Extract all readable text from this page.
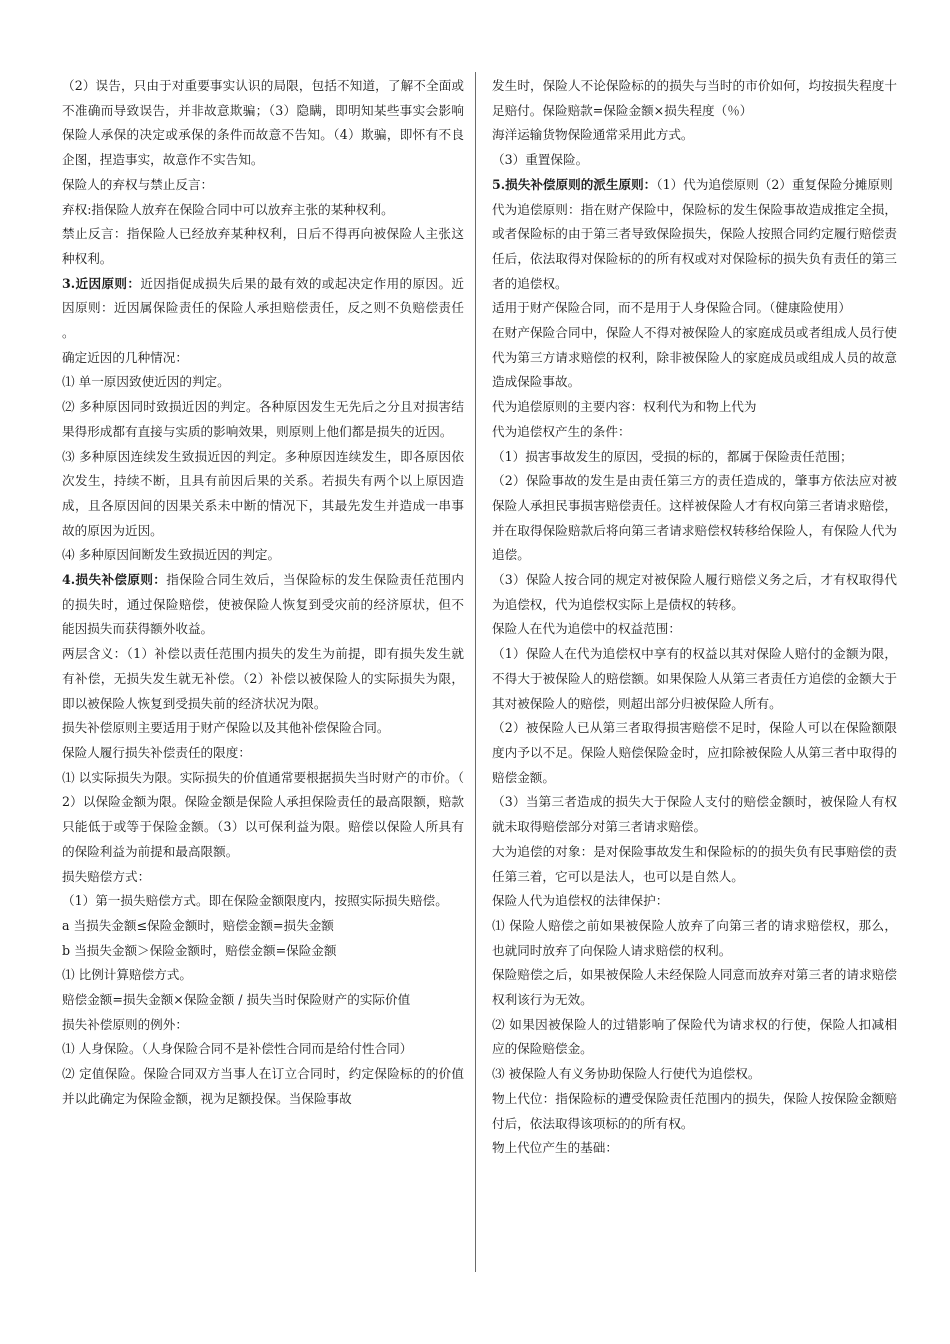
（2）误告，只由于对重要事实认识的局限，包括不知道，了解不全面或不准确而导致误告，并非故意欺骗；（3）隐瞒，即明知某些事实会影响保险人承保的决定或承保的条件而故意不告知。（4）欺骗，即怀有不良企图，捏造事实，故意作不实告知。

保险人的弃权与禁止反言：

弃权:指保险人放弃在保险合同中可以放弃主张的某种权利。

禁止反言：指保险人已经放弃某种权利，日后不得再向被保险人主张这种权利。

3.近因原则：近因指促成损失后果的最有效的或起决定作用的原因。近因原则：近因属保险责任的保险人承担赔偿责任，反之则不负赔偿责任。

确定近因的几种情况：

⑴ 单一原因致使近因的判定。

⑵ 多种原因同时致损近因的判定。各种原因发生无先后之分且对损害结果得形成都有直接与实质的影响效果，则原则上他们都是损失的近因。

⑶ 多种原因连续发生致损近因的判定。多种原因连续发生，即各原因依次发生，持续不断，且具有前因后果的关系。若损失有两个以上原因造成，且各原因间的因果关系未中断的情况下，其最先发生并造成一串事故的原因为近因。

⑷ 多种原因间断发生致损近因的判定。

4.损失补偿原则：指保险合同生效后，当保险标的发生保险责任范围内的损失时，通过保险赔偿，使被保险人恢复到受灾前的经济原状，但不能因损失而获得额外收益。

两层含义：（1）补偿以责任范围内损失的发生为前提，即有损失发生就有补偿，无损失发生就无补偿。（2）补偿以被保险人的实际损失为限，即以被保险人恢复到受损失前的经济状况为限。

损失补偿原则主要适用于财产保险以及其他补偿保险合同。

保险人履行损失补偿责任的限度：

⑴ 以实际损失为限。实际损失的价值通常要根据损失当时财产的市价。（2）以保险金额为限。保险金额是保险人承担保险责任的最高限额，赔款只能低于或等于保险金额。（3）以可保利益为限。赔偿以保险人所具有的保险利益为前提和最高限额。

损失赔偿方式：

（1）第一损失赔偿方式。即在保险金额限度内，按照实际损失赔偿。

a 当损失金额≤保险金额时，赔偿金额=损失金额

b 当损失金额＞保险金额时，赔偿金额=保险金额

⑴ 比例计算赔偿方式。

赔偿金额=损失金额×保险金额 / 损失当时保险财产的实际价值

损失补偿原则的例外：

⑴ 人身保险。（人身保险合同不是补偿性合同而是给付性合同）

⑵ 定值保险。保险合同双方当事人在订立合同时，约定保险标的的价值并以此确定为保险金额，视为足额投保。当保险事故

发生时，保险人不论保险标的的损失与当时的市价如何，均按损失程度十足赔付。保险赔款=保险金额×损失程度（％）

海洋运输货物保险通常采用此方式。

（3）重置保险。

5.损失补偿原则的派生原则：（1）代为追偿原则（2）重复保险分摊原则

代为追偿原则：指在财产保险中，保险标的发生保险事故造成推定全损，或者保险标的由于第三者导致保险损失，保险人按照合同约定履行赔偿责任后，依法取得对保险标的的所有权或对对保险标的损失负有责任的第三者的追偿权。

适用于财产保险合同，而不是用于人身保险合同。（健康险使用）

在财产保险合同中，保险人不得对被保险人的家庭成员或者组成人员行使代为第三方请求赔偿的权利，除非被保险人的家庭成员或组成人员的故意造成保险事故。

代为追偿原则的主要内容：权利代为和物上代为

代为追偿权产生的条件：

（1）损害事故发生的原因，受损的标的，都属于保险责任范围；

（2）保险事故的发生是由责任第三方的责任造成的，肇事方依法应对被保险人承担民事损害赔偿责任。这样被保险人才有权向第三者请求赔偿，并在取得保险赔款后将向第三者请求赔偿权转移给保险人，有保险人代为追偿。

（3）保险人按合同的规定对被保险人履行赔偿义务之后，才有权取得代为追偿权，代为追偿权实际上是债权的转移。

保险人在代为追偿中的权益范围：

（1）保险人在代为追偿权中享有的权益以其对保险人赔付的金额为限，不得大于被保险人的赔偿额。如果保险人从第三者责任方追偿的金额大于其对被保险人的赔偿，则超出部分归被保险人所有。

（2）被保险人已从第三者取得损害赔偿不足时，保险人可以在保险额限度内予以不足。保险人赔偿保险金时，应扣除被保险人从第三者中取得的赔偿金额。

（3）当第三者造成的损失大于保险人支付的赔偿金额时，被保险人有权就未取得赔偿部分对第三者请求赔偿。

大为追偿的对象：是对保险事故发生和保险标的的损失负有民事赔偿的责任第三着，它可以是法人，也可以是自然人。

保险人代为追偿权的法律保护：

⑴ 保险人赔偿之前如果被保险人放弃了向第三者的请求赔偿权，那么，也就同时放弃了向保险人请求赔偿的权利。

保险赔偿之后，如果被保险人未经保险人同意而放弃对第三者的请求赔偿权利该行为无效。

⑵ 如果因被保险人的过错影响了保险代为请求权的行使，保险人扣减相应的保险赔偿金。

⑶ 被保险人有义务协助保险人行使代为追偿权。

物上代位：指保险标的遭受保险责任范围内的损失，保险人按保险金额赔付后，依法取得该项标的的所有权。

物上代位产生的基础：
